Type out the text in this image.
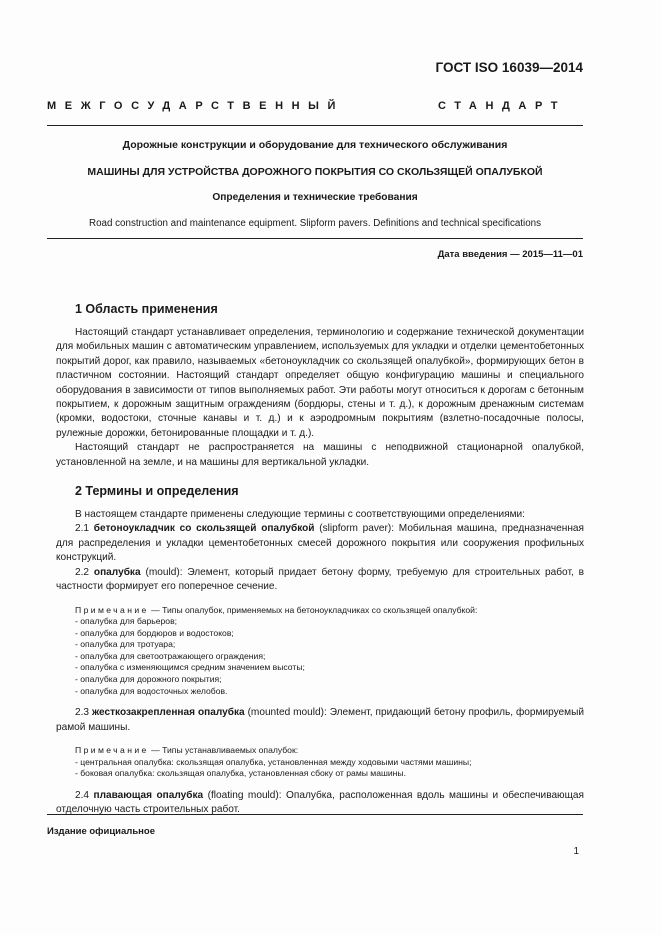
ГОСТ ISO 16039—2014
МЕЖГОСУДАРСТВЕННЫЙ	СТАНДАРТ
Дорожные конструкции и оборудование для технического обслуживания
МАШИНЫ ДЛЯ УСТРОЙСТВА ДОРОЖНОГО ПОКРЫТИЯ СО СКОЛЬЗЯЩЕЙ ОПАЛУБКОЙ
Определения и технические требования
Road construction and maintenance equipment. Slipform pavers. Definitions and technical specifications
Дата введения — 2015—11—01
1 Область применения

Настоящий стандарт устанавливает определения, терминологию и содержание технической документации для мобильных машин с автоматическим управлением, используемых для укладки и отделки цементобетонных покрытий дорог, как правило, называемых «бетоноукладчик со скользящей опалубкой», формирующих бетон в пластичном состоянии. Настоящий стандарт определяет общую конфигурацию машины и специального оборудования в зависимости от типов выполняемых работ. Эти работы могут относиться к дорогам с бетонным покрытием, к дорожным защитным ограждениям (бордюры, стены и т. д.), к дорожным дренажным системам (кромки, водостоки, сточные канавы и т. д.) и к аэродромным покрытиям (взлетно-посадочные полосы, рулежные дорожки, бетонированные площадки и т. д.).

Настоящий стандарт не распространяется на машины с неподвижной стационарной опалубкой, установленной на земле, и на машины для вертикальной укладки.

2 Термины и определения

В настоящем стандарте применены следующие термины с соответствующими определениями:

2.1 бетоноукладчик со скользящей опалубкой (slipform paver): Мобильная машина, предназначенная для распределения и укладки цементобетонных смесей дорожного покрытия или сооружения профильных конструкций.

2.2 опалубка (mould): Элемент, который придает бетону форму, требуемую для строительных работ, в частности формирует его поперечное сечение.

Примечание — Типы опалубок, применяемых на бетоноукладчиках со скользящей опалубкой:
- опалубка для барьеров;
- опалубка для бордюров и водостоков;
- опалубка для тротуара;
- опалубка для светоотражающего ограждения;
- опалубка с изменяющимся средним значением высоты;
- опалубка для дорожного покрытия;
- опалубка для водосточных желобов.

2.3 жесткозакрепленная опалубка (mounted mould): Элемент, придающий бетону профиль, формируемый рамой машины.

Примечание — Типы устанавливаемых опалубок:
- центральная опалубка: скользящая опалубка, установленная между ходовыми частями машины;
- боковая опалубка: скользящая опалубка, установленная сбоку от рамы машины.

2.4 плавающая опалубка (floating mould): Опалубка, расположенная вдоль машины и обеспечивающая отделочную часть строительных работ.

Издание официальное
1
